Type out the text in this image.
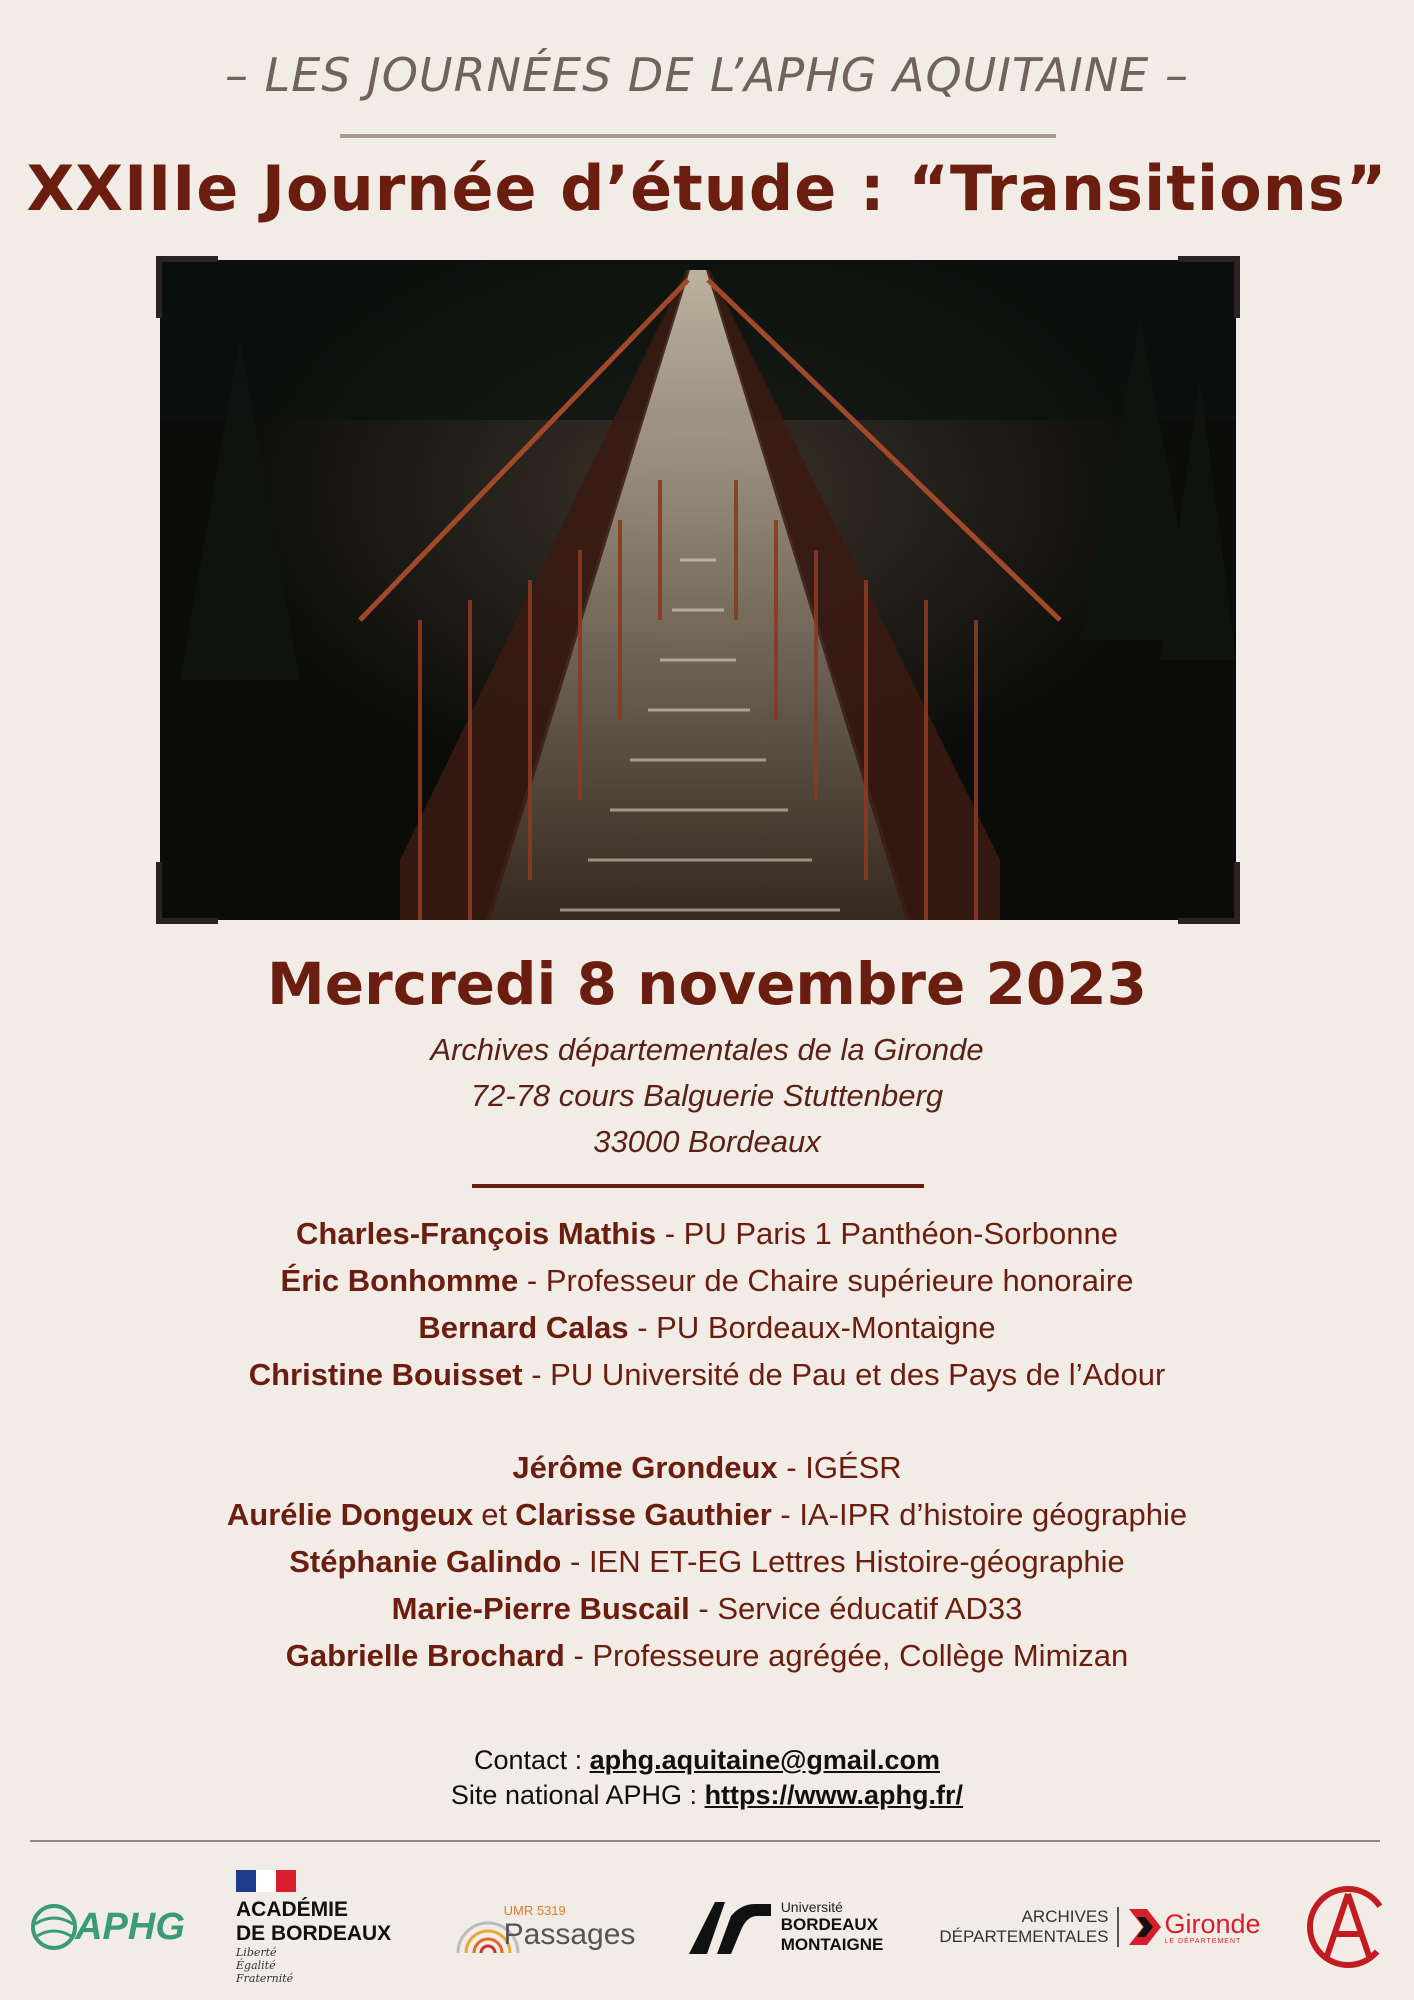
– LES JOURNÉES DE L’APHG AQUITAINE –
XXIIIe Journée d’étude : “Transitions”
Mercredi 8 novembre 2023
Archives départementales de la Gironde
72-78 cours Balguerie Stuttenberg
33000 Bordeaux
Charles-François Mathis - PU Paris 1 Panthéon-Sorbonne
Éric Bonhomme - Professeur de Chaire supérieure honoraire
Bernard Calas - PU Bordeaux-Montaigne
Christine Bouisset - PU Université de Pau et des Pays de l’Adour
Jérôme Grondeux - IGÉSR
Aurélie Dongeux et Clarisse Gauthier - IA-IPR d’histoire géographie
Stéphanie Galindo - IEN ET-EG Lettres Histoire-géographie
Marie-Pierre Buscail - Service éducatif AD33
Gabrielle Brochard - Professeure agrégée, Collège Mimizan
Contact : aphg.aquitaine@gmail.com
Site national APHG : https://www.aphg.fr/
APHG ACADÉMIE
DE BORDEAUX
Liberté
Égalité
Fraternité
UMR 5319
Passages
Université
BORDEAUX
MONTAIGNE
ARCHIVES
DÉPARTEMENTALES Gironde
LE DÉPARTEMENT
